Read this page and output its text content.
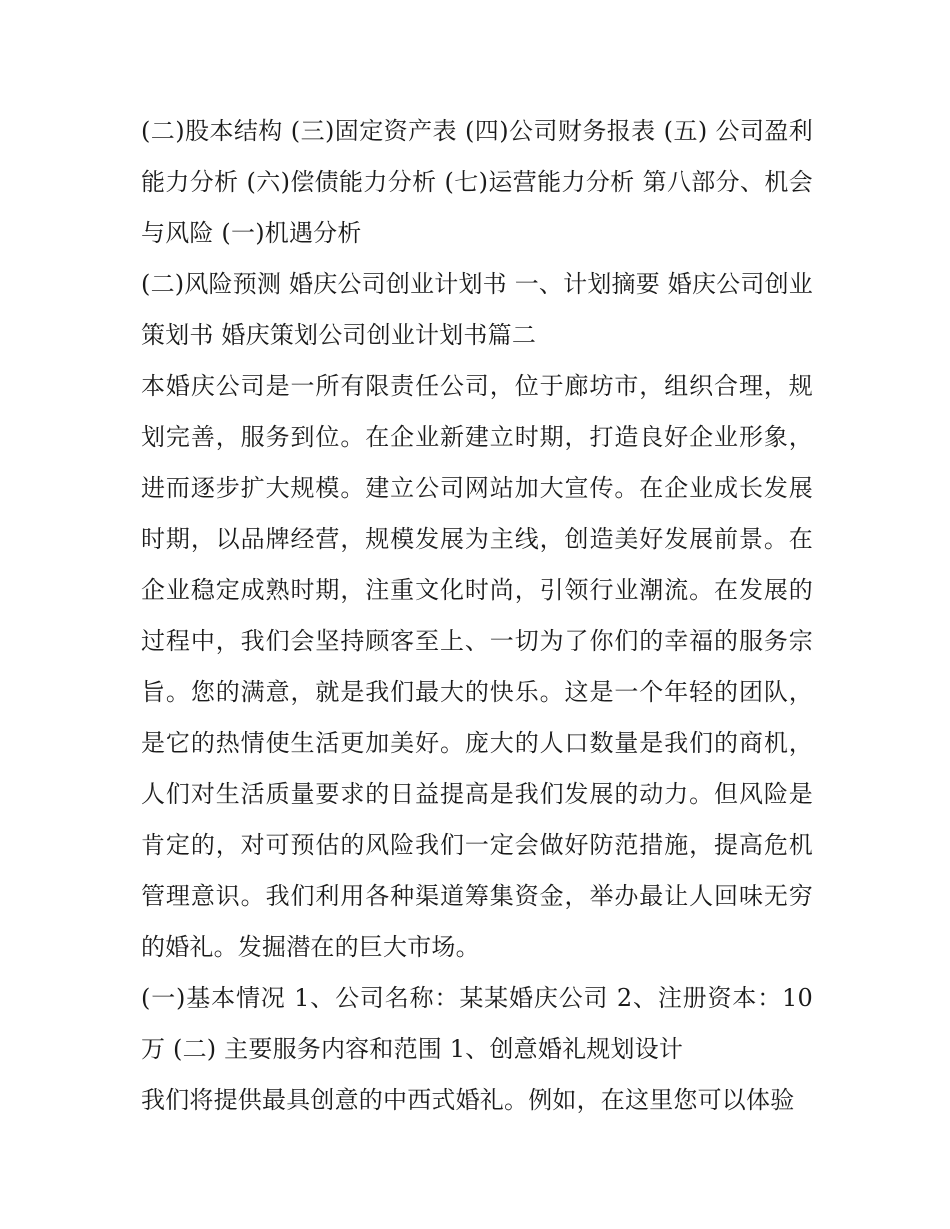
(二)股本结构 (三)固定资产表 (四)公司财务报表 (五) 公司盈利能力分析 (六)偿债能力分析 (七)运营能力分析 第八部分、机会与风险 (一)机遇分析

(二)风险预测 婚庆公司创业计划书 一、计划摘要 婚庆公司创业策划书 婚庆策划公司创业计划书篇二

本婚庆公司是一所有限责任公司，位于廊坊市，组织合理，规划完善，服务到位。在企业新建立时期，打造良好企业形象，进而逐步扩大规模。建立公司网站加大宣传。在企业成长发展时期，以品牌经营，规模发展为主线，创造美好发展前景。在企业稳定成熟时期，注重文化时尚，引领行业潮流。在发展的过程中，我们会坚持顾客至上、一切为了你们的幸福的服务宗旨。您的满意，就是我们最大的快乐。这是一个年轻的团队，是它的热情使生活更加美好。庞大的人口数量是我们的商机，人们对生活质量要求的日益提高是我们发展的动力。但风险是肯定的，对可预估的风险我们一定会做好防范措施，提高危机管理意识。我们利用各种渠道筹集资金，举办最让人回味无穷的婚礼。发掘潜在的巨大市场。

(一)基本情况 1、公司名称：某某婚庆公司 2、注册资本：10 万 (二) 主要服务内容和范围 1、创意婚礼规划设计

我们将提供最具创意的中西式婚礼。例如，在这里您可以体验
